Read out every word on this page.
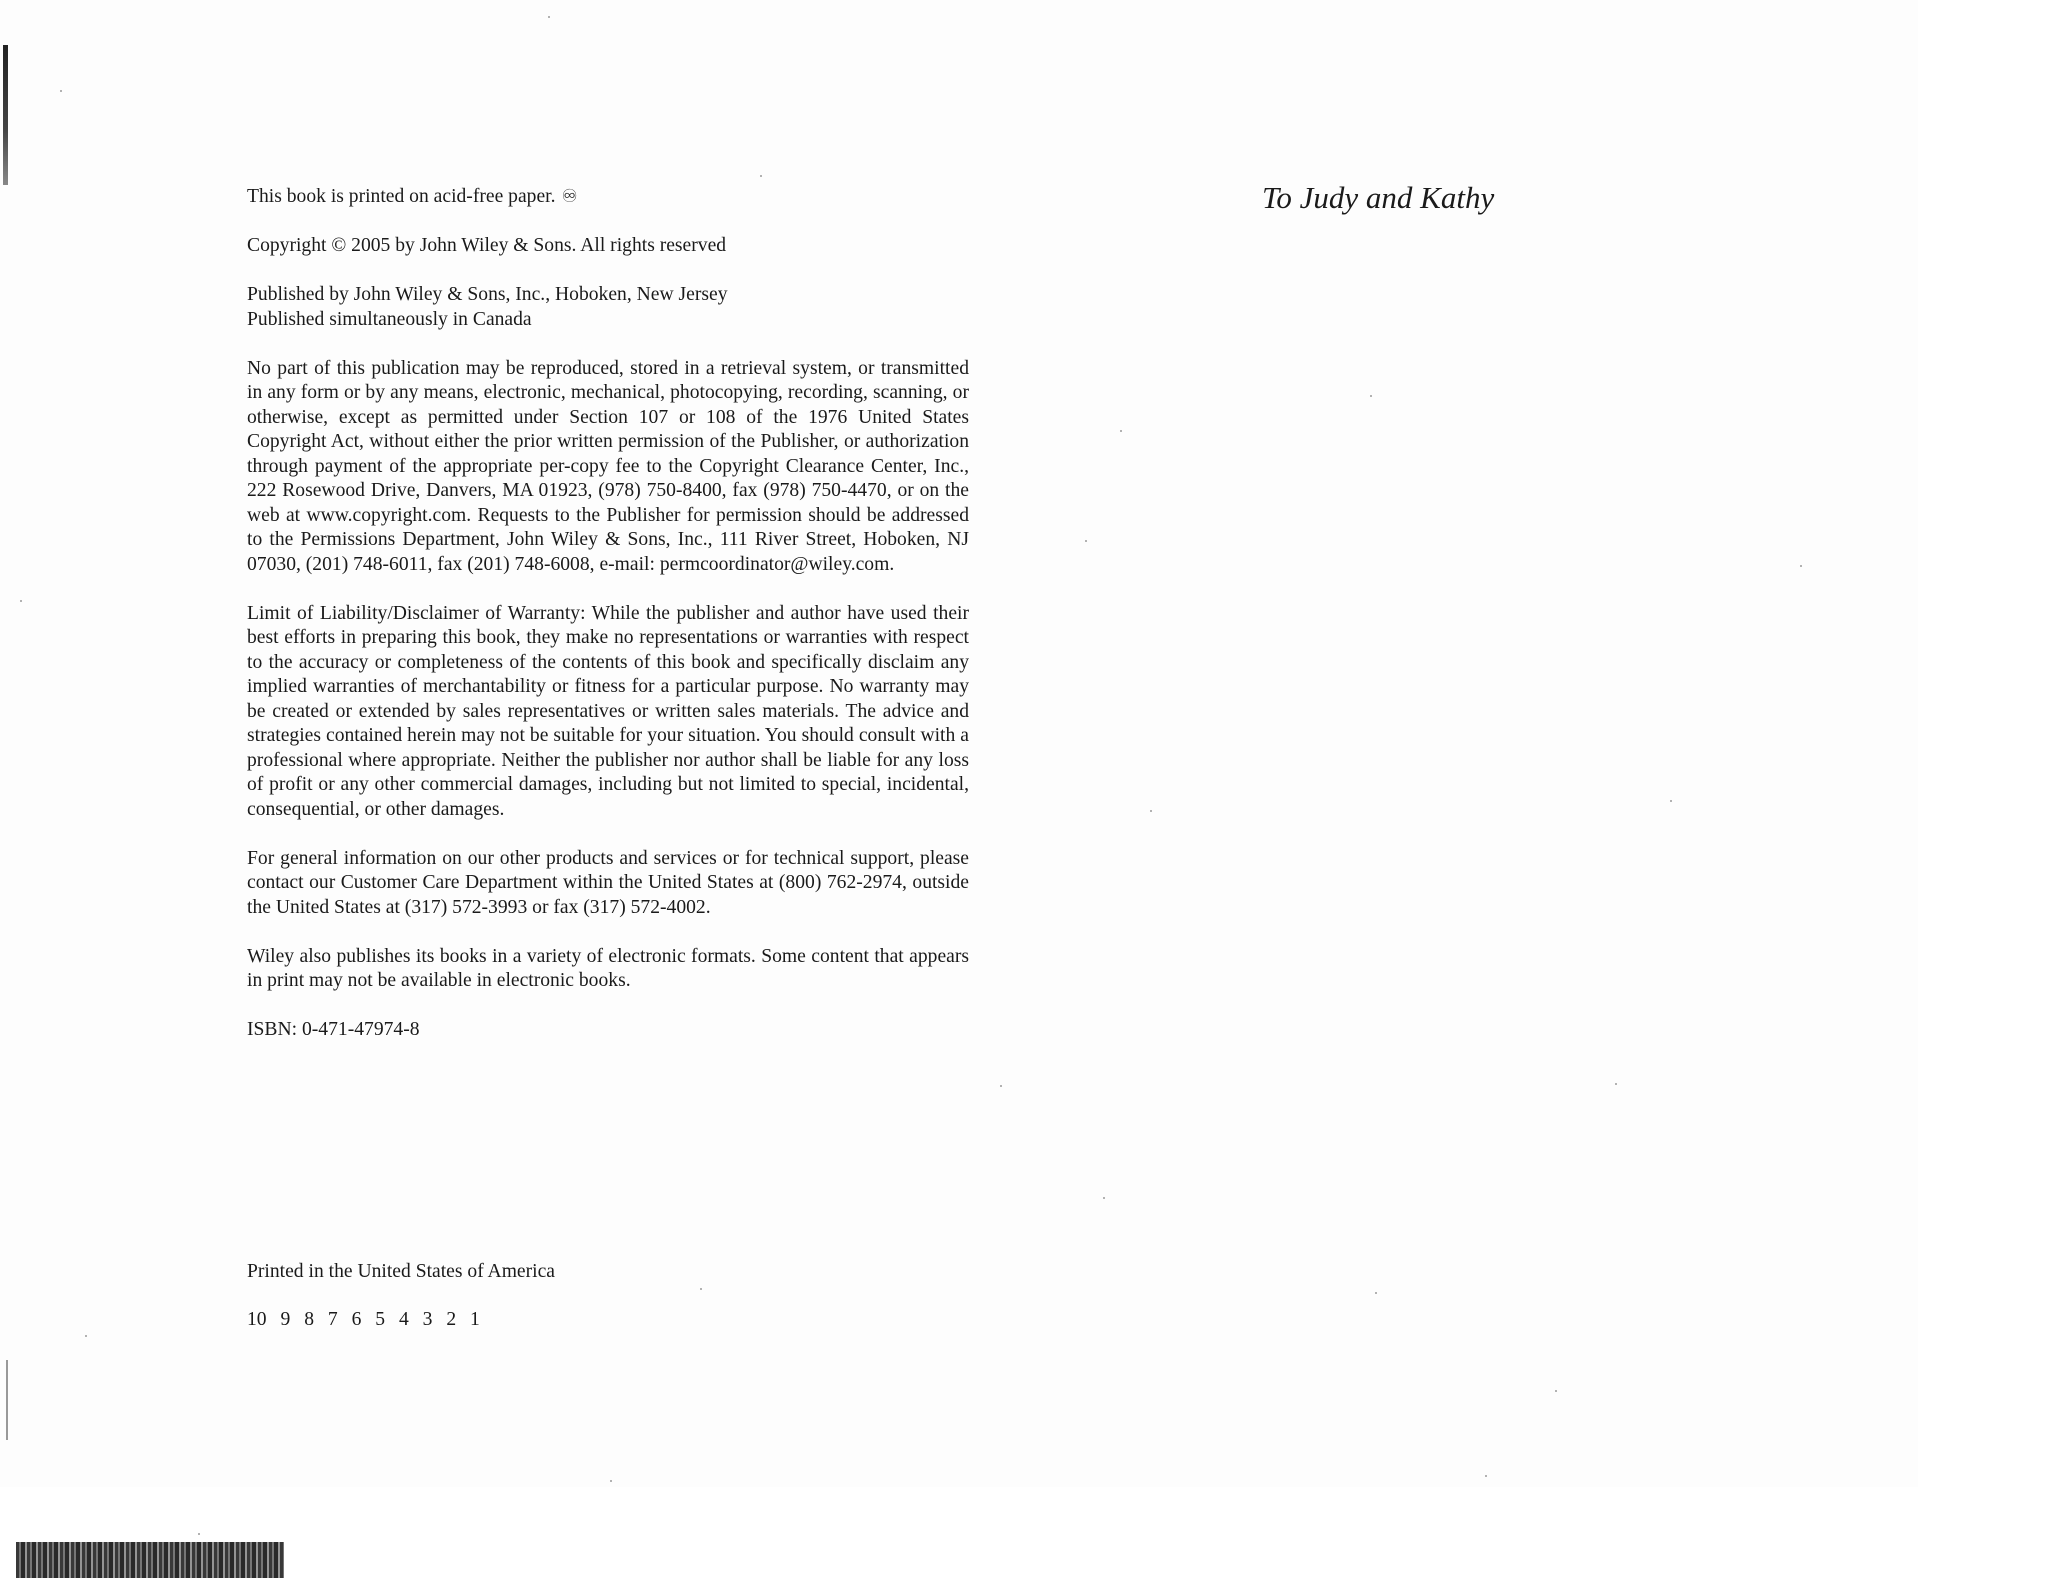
This book is printed on acid-free paper. ♾

Copyright © 2005 by John Wiley & Sons. All rights reserved

Published by John Wiley & Sons, Inc., Hoboken, New Jersey
Published simultaneously in Canada

No part of this publication may be reproduced, stored in a retrieval system, or transmitted in any form or by any means, electronic, mechanical, photocopying, recording, scanning, or otherwise, except as permitted under Section 107 or 108 of the 1976 United States Copyright Act, without either the prior written permission of the Publisher, or authorization through payment of the appropriate per-copy fee to the Copyright Clearance Center, Inc., 222 Rosewood Drive, Danvers, MA 01923, (978) 750-8400, fax (978) 750-4470, or on the web at www.copyright.com. Requests to the Publisher for permission should be addressed to the Permissions Department, John Wiley & Sons, Inc., 111 River Street, Hoboken, NJ 07030, (201) 748-6011, fax (201) 748-6008, e-mail: permcoordinator@wiley.com.

Limit of Liability/Disclaimer of Warranty: While the publisher and author have used their best efforts in preparing this book, they make no representations or warranties with respect to the accuracy or completeness of the contents of this book and specifically disclaim any implied warranties of merchantability or fitness for a particular purpose. No warranty may be created or extended by sales representatives or written sales materials. The advice and strategies contained herein may not be suitable for your situation. You should consult with a professional where appropriate. Neither the publisher nor author shall be liable for any loss of profit or any other commercial damages, including but not limited to special, incidental, consequential, or other damages.

For general information on our other products and services or for technical support, please contact our Customer Care Department within the United States at (800) 762-2974, outside the United States at (317) 572-3993 or fax (317) 572-4002.

Wiley also publishes its books in a variety of electronic formats. Some content that appears in print may not be available in electronic books.

ISBN: 0-471-47974-8

Printed in the United States of America
10 9 8 7 6 5 4 3 2 1
To Judy and Kathy
